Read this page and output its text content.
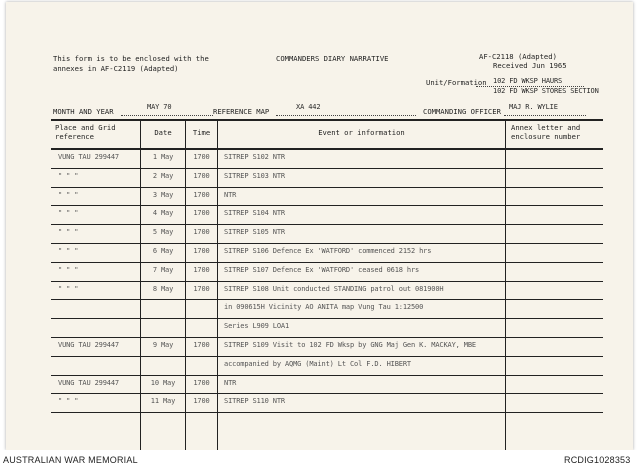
This form is to be enclosed with the
annexes in AF-C2119 (Adapted)
COMMANDERS DIARY NARRATIVE	AF-C2118 (Adapted)
Received Jun 1965
Unit/Formation 102 FD WKSP HAURS
102 FD WKSP STORES SECTION
MONTH AND YEAR	MAY 70	REFERENCE MAP	XA 442	COMMANDING OFFICER MAJ R. WYLIE
Place and Grid
reference	Date	Time	Event or information
Annex letter and
enclosure number
VUNG TAU 299447	1 May	1700	SITREP S102 NTR
" " "	2 May	1700	SITREP S103 NTR
" " "	3 May	1700	NTR
" " "	4 May	1700	SITREP S104 NTR
" " "	5 May	1700	SITREP S105 NTR
" " "	6 May	1700	SITREP S106 Defence Ex 'WATFORD' commenced 2152 hrs
" " "	7 May	1700	SITREP S107 Defence Ex 'WATFORD' ceased 0618 hrs
" " "	8 May	1700	SITREP S108 Unit conducted STANDING patrol out 081900H
in 090615H Vicinity AO ANITA map Vung Tau 1:12500
Series L909 LOA1
VUNG TAU 299447	9 May	1700	SITREP S109 Visit to 102 FD Wksp by GNG Maj Gen K. MACKAY, MBE
accompanied by AQMG (Maint) Lt Col F.D. HIBERT
VUNG TAU 299447	10 May	1700	NTR
" " "	11 May	1700	SITREP S110 NTR
AUSTRALIAN WAR MEMORIAL	RCDIG1028353
